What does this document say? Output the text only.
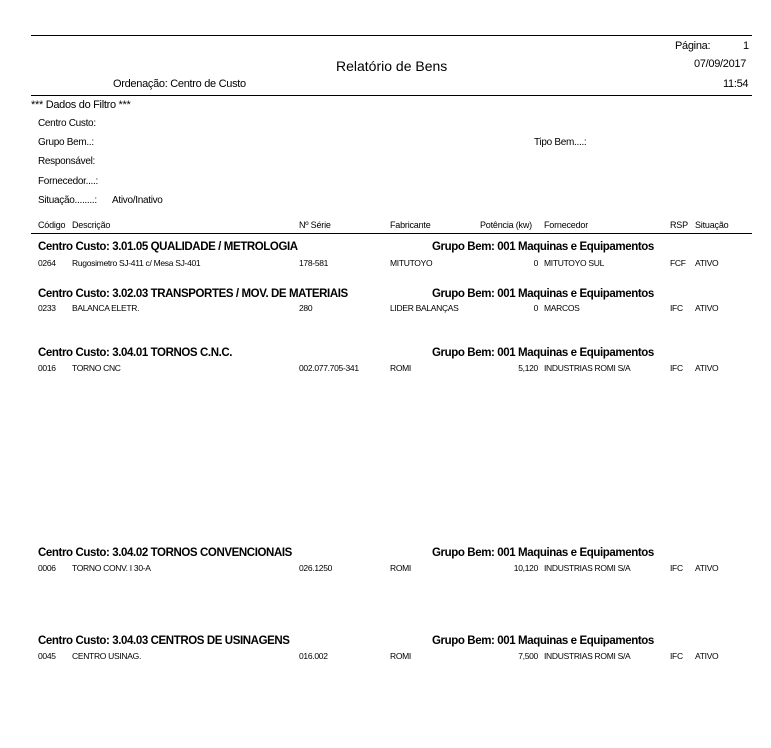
Página:	1
Relatório de Bens	07/09/2017
Ordenação: Centro de Custo	11:54
*** Dados do Filtro ***
Centro Custo:
Grupo Bem..:	Tipo Bem....:
Responsável:
Fornecedor....:
Situação........: Ativo/Inativo
Código Descrição	Nº Série	Fabricante	Potência (kw) Fornecedor	RSP Situação
Centro Custo: 3.01.05 QUALIDADE / METROLOGIA	Grupo Bem: 001 Maquinas e Equipamentos
0264 Rugosimetro SJ-411 c/ Mesa SJ-401	178-581	MITUTOYO	0 MITUTOYO SUL	FCF ATIVO
Centro Custo: 3.02.03 TRANSPORTES / MOV. DE MATERIAIS	Grupo Bem: 001 Maquinas e Equipamentos
0233 BALANCA ELETR.	280	LIDER BALANÇAS	0 MARCOS	IFC ATIVO
Centro Custo: 3.04.01 TORNOS C.N.C.	Grupo Bem: 001 Maquinas e Equipamentos
0016 TORNO CNC	002.077.705-341	ROMI	5,120 INDUSTRIAS ROMI S/A	IFC ATIVO
Centro Custo: 3.04.02 TORNOS CONVENCIONAIS	Grupo Bem: 001 Maquinas e Equipamentos
0006 TORNO CONV. I 30-A	026.1250	ROMI	10,120 INDUSTRIAS ROMI S/A	IFC ATIVO
Centro Custo: 3.04.03 CENTROS DE USINAGENS	Grupo Bem: 001 Maquinas e Equipamentos
0045 CENTRO USINAG.	016.002	ROMI	7,500 INDUSTRIAS ROMI S/A	IFC ATIVO
